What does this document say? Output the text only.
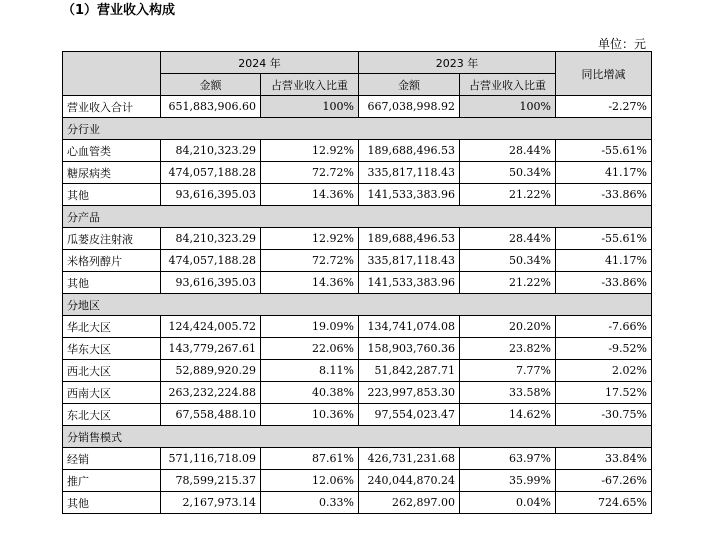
（1）营业收入构成
单位：元
	2024 年		2023 年		同比增减
	金额	占营业收入比重	金额	占营业收入比重	
营业收入合计	651,883,906.60	100%	667,038,998.92	100%	-2.27%
分行业					
心血管类	84,210,323.29	12.92%	189,688,496.53	28.44%	-55.61%
糖尿病类	474,057,188.28	72.72%	335,817,118.43	50.34%	41.17%
其他	93,616,395.03	14.36%	141,533,383.96	21.22%	-33.86%
分产品					
瓜蒌皮注射液	84,210,323.29	12.92%	189,688,496.53	28.44%	-55.61%
米格列醇片	474,057,188.28	72.72%	335,817,118.43	50.34%	41.17%
其他	93,616,395.03	14.36%	141,533,383.96	21.22%	-33.86%
分地区					
华北大区	124,424,005.72	19.09%	134,741,074.08	20.20%	-7.66%
华东大区	143,779,267.61	22.06%	158,903,760.36	23.82%	-9.52%
西北大区	52,889,920.29	8.11%	51,842,287.71	7.77%	2.02%
西南大区	263,232,224.88	40.38%	223,997,853.30	33.58%	17.52%
东北大区	67,558,488.10	10.36%	97,554,023.47	14.62%	-30.75%
分销售模式					
经销	571,116,718.09	87.61%	426,731,231.68	63.97%	33.84%
推广	78,599,215.37	12.06%	240,044,870.24	35.99%	-67.26%
其他	2,167,973.14	0.33%	262,897.00	0.04%	724.65%
